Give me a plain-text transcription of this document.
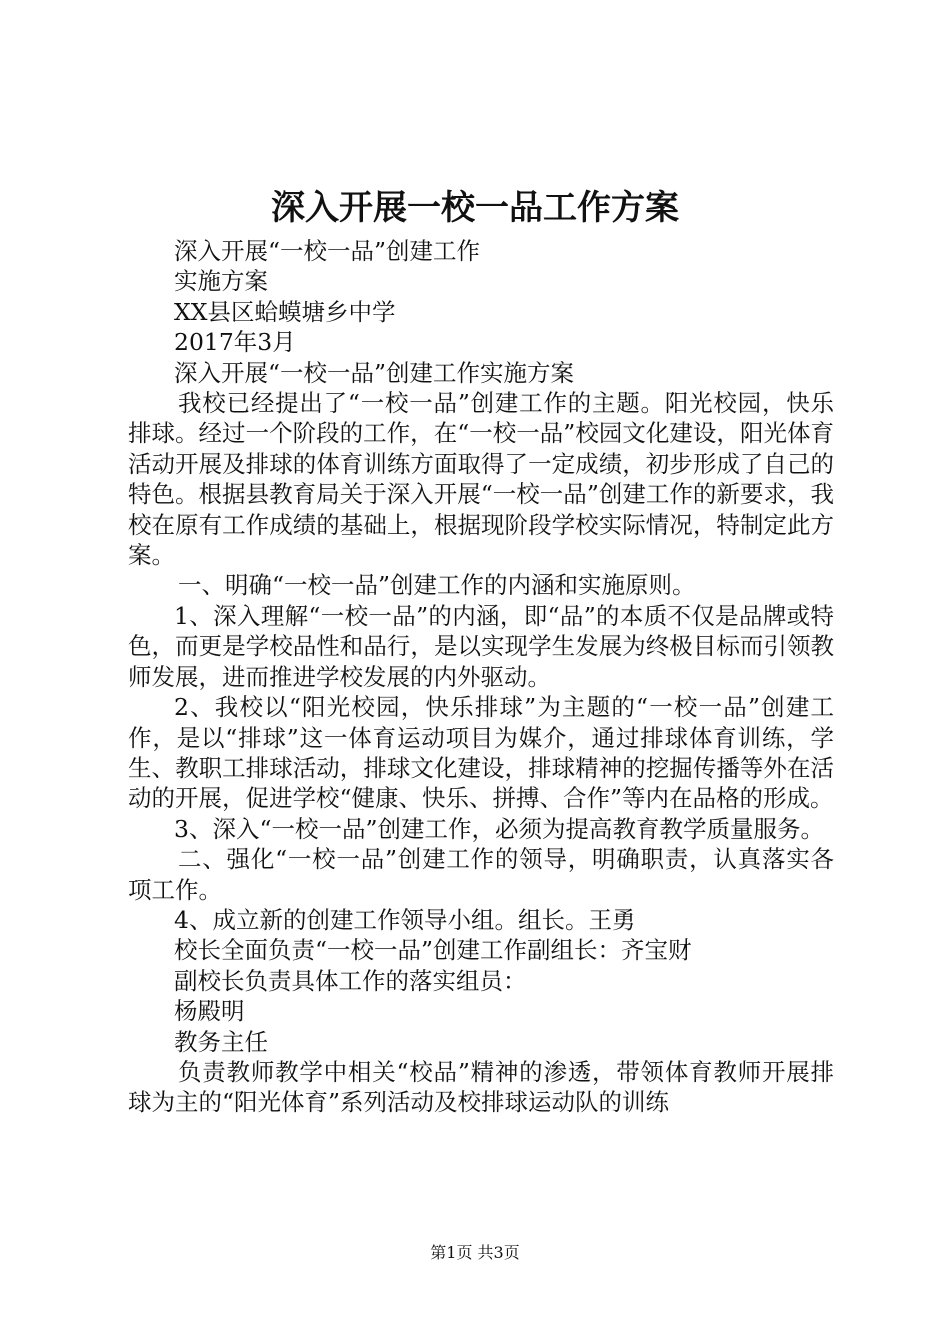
深入开展一校一品工作方案

深入开展“一校一品”创建工作

实施方案

XX县区蛤蟆塘乡中学

2017年3月

深入开展“一校一品”创建工作实施方案

我校已经提出了“一校一品”创建工作的主题。阳光校园，快乐排球。经过一个阶段的工作，在“一校一品”校园文化建设，阳光体育活动开展及排球的体育训练方面取得了一定成绩，初步形成了自己的特色。根据县教育局关于深入开展“一校一品”创建工作的新要求，我校在原有工作成绩的基础上，根据现阶段学校实际情况，特制定此方案。

一、明确“一校一品”创建工作的内涵和实施原则。

1、深入理解“一校一品”的内涵，即“品”的本质不仅是品牌或特色，而更是学校品性和品行，是以实现学生发展为终极目标而引领教师发展，进而推进学校发展的内外驱动。

2、我校以“阳光校园，快乐排球”为主题的“一校一品”创建工作，是以“排球”这一体育运动项目为媒介，通过排球体育训练，学生、教职工排球活动，排球文化建设，排球精神的挖掘传播等外在活动的开展，促进学校“健康、快乐、拼搏、合作”等内在品格的形成。

3、深入“一校一品”创建工作，必须为提高教育教学质量服务。

二、强化“一校一品”创建工作的领导，明确职责，认真落实各项工作。

4、成立新的创建工作领导小组。组长。王勇

校长全面负责“一校一品”创建工作副组长：齐宝财

副校长负责具体工作的落实组员：

杨殿明

教务主任

负责教师教学中相关“校品”精神的渗透，带领体育教师开展排球为主的“阳光体育”系列活动及校排球运动队的训练

第1页 共3页
